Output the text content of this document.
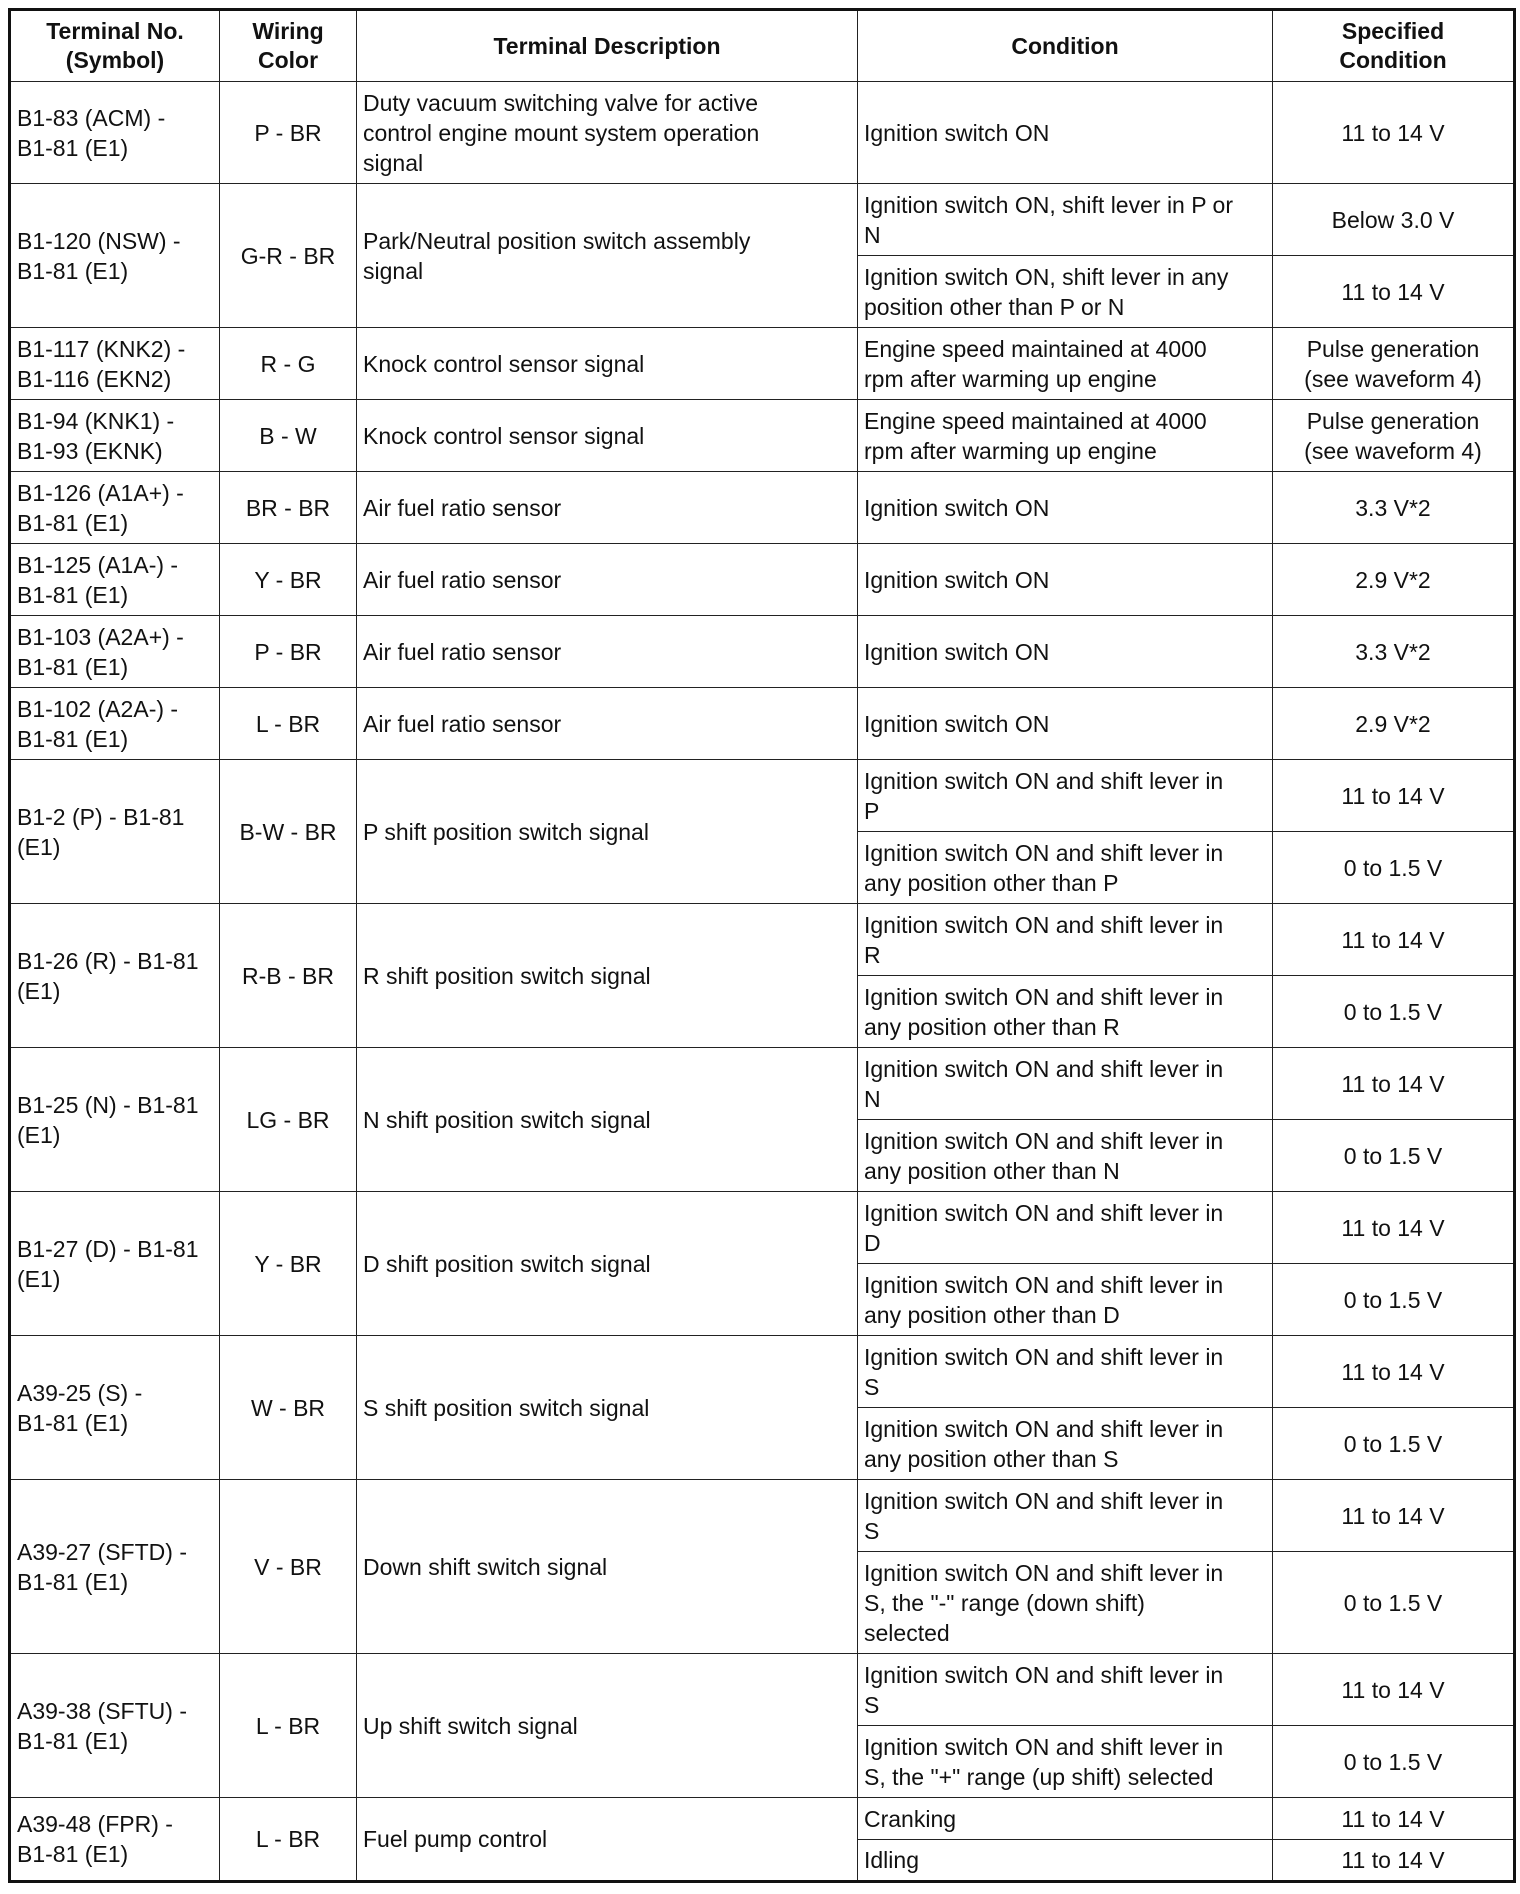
Terminal No.
(Symbol)	Wiring
Color	Terminal Description	Condition	Specified
Condition
B1-83 (ACM) -
B1-81 (E1)	P - BR	Duty vacuum switching valve for active
control engine mount system operation
signal	Ignition switch ON	11 to 14 V
B1-120 (NSW) -
B1-81 (E1)	G-R - BR	Park/Neutral position switch assembly
signal	Ignition switch ON, shift lever in P or
N	Below 3.0 V
			Ignition switch ON, shift lever in any
position other than P or N	11 to 14 V
B1-117 (KNK2) -
B1-116 (EKN2)	R - G	Knock control sensor signal	Engine speed maintained at 4000
rpm after warming up engine	Pulse generation
(see waveform 4)
B1-94 (KNK1) -
B1-93 (EKNK)	B - W	Knock control sensor signal	Engine speed maintained at 4000
rpm after warming up engine	Pulse generation
(see waveform 4)
B1-126 (A1A+) -
B1-81 (E1)	BR - BR	Air fuel ratio sensor	Ignition switch ON	3.3 V*2
B1-125 (A1A-) -
B1-81 (E1)	Y - BR	Air fuel ratio sensor	Ignition switch ON	2.9 V*2
B1-103 (A2A+) -
B1-81 (E1)	P - BR	Air fuel ratio sensor	Ignition switch ON	3.3 V*2
B1-102 (A2A-) -
B1-81 (E1)	L - BR	Air fuel ratio sensor	Ignition switch ON	2.9 V*2
B1-2 (P) - B1-81
(E1)	B-W - BR	P shift position switch signal	Ignition switch ON and shift lever in
P	11 to 14 V
			Ignition switch ON and shift lever in
any position other than P	0 to 1.5 V
B1-26 (R) - B1-81
(E1)	R-B - BR	R shift position switch signal	Ignition switch ON and shift lever in
R	11 to 14 V
			Ignition switch ON and shift lever in
any position other than R	0 to 1.5 V
B1-25 (N) - B1-81
(E1)	LG - BR	N shift position switch signal	Ignition switch ON and shift lever in
N	11 to 14 V
			Ignition switch ON and shift lever in
any position other than N	0 to 1.5 V
B1-27 (D) - B1-81
(E1)	Y - BR	D shift position switch signal	Ignition switch ON and shift lever in
D	11 to 14 V
			Ignition switch ON and shift lever in
any position other than D	0 to 1.5 V
A39-25 (S) -
B1-81 (E1)	W - BR	S shift position switch signal	Ignition switch ON and shift lever in
S	11 to 14 V
			Ignition switch ON and shift lever in
any position other than S	0 to 1.5 V
A39-27 (SFTD) -
B1-81 (E1)	V - BR	Down shift switch signal	Ignition switch ON and shift lever in
S	11 to 14 V
			Ignition switch ON and shift lever in
S, the "-" range (down shift)
selected	0 to 1.5 V
A39-38 (SFTU) -
B1-81 (E1)	L - BR	Up shift switch signal	Ignition switch ON and shift lever in
S	11 to 14 V
			Ignition switch ON and shift lever in
S, the "+" range (up shift) selected	0 to 1.5 V
A39-48 (FPR) -
B1-81 (E1)	L - BR	Fuel pump control	Cranking	11 to 14 V
			Idling	11 to 14 V
